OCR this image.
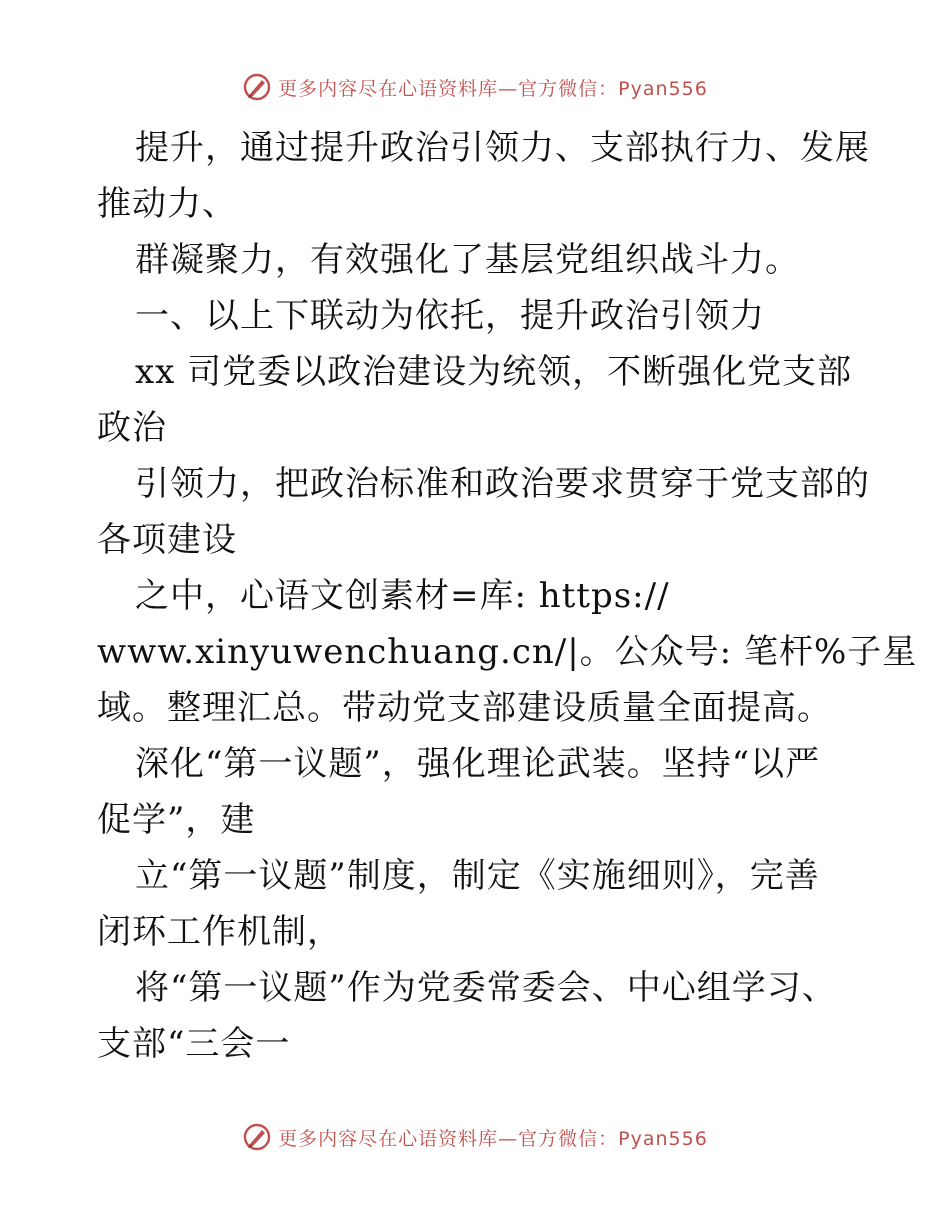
更多内容尽在心语资料库—官方微信：Pyan556
提升，通过提升政治引领力、支部执行力、发展
推动力、
群凝聚力，有效强化了基层党组织战斗力。
一、以上下联动为依托，提升政治引领力
xx 司党委以政治建设为统领，不断强化党支部
政治
引领力，把政治标准和政治要求贯穿于党支部的
各项建设
之中，心语文创素材=库: https://
www.xinyuwenchuang.cn/|。公众号: 笔杆%子星
域。整理汇总。带动党支部建设质量全面提高。
深化“第一议题”，强化理论武装。坚持“以严
促学”，建
立“第一议题”制度，制定《实施细则》，完善
闭环工作机制，
将“第一议题”作为党委常委会、中心组学习、
支部“三会一
更多内容尽在心语资料库—官方微信：Pyan556
